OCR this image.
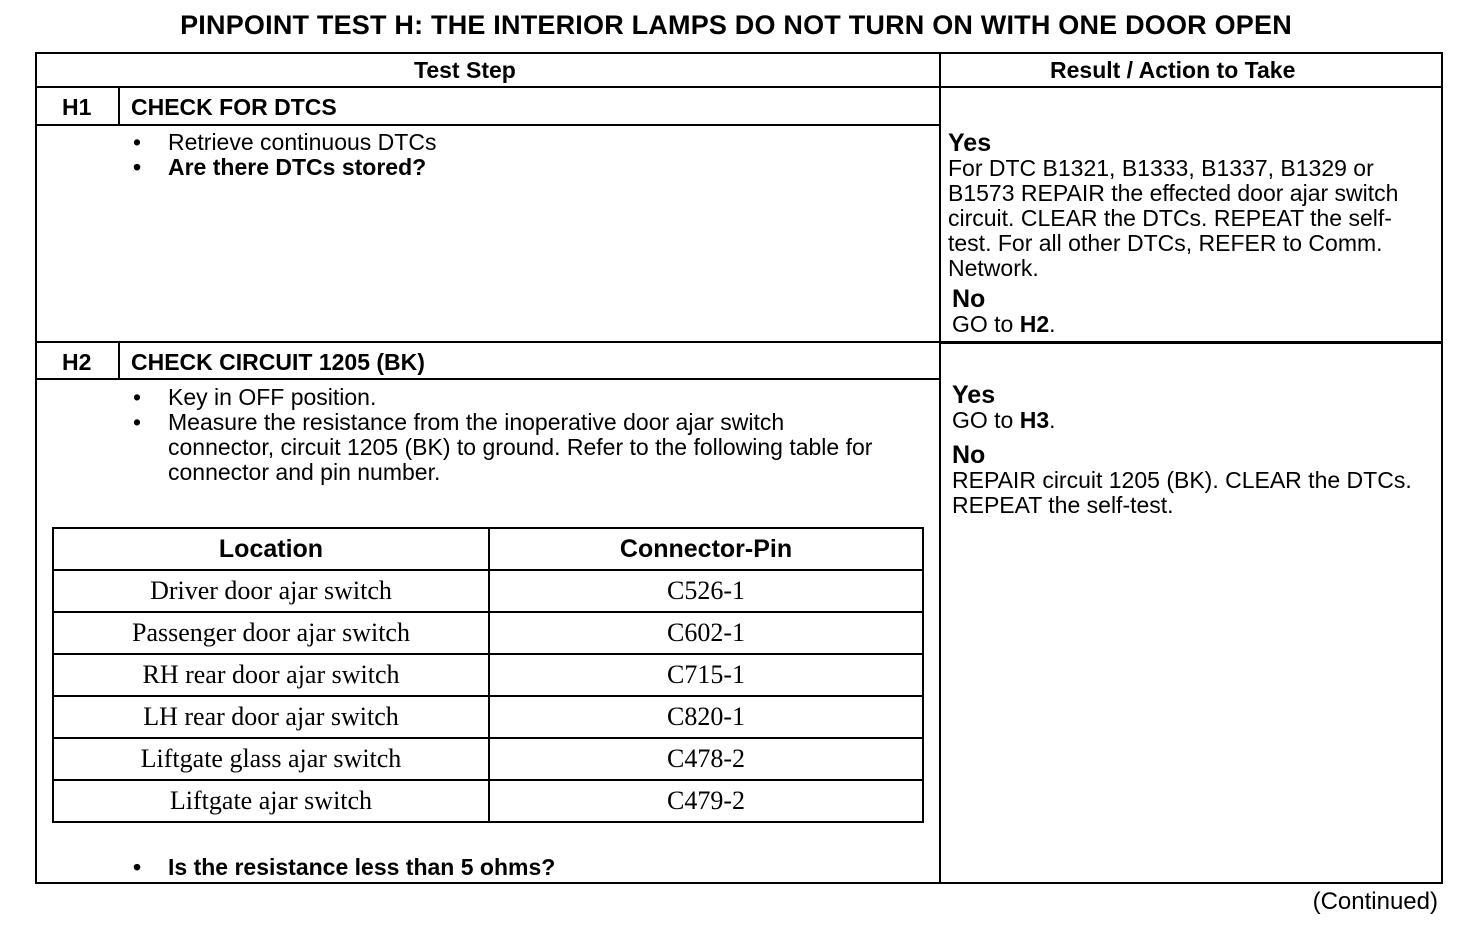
PINPOINT TEST H: THE INTERIOR LAMPS DO NOT TURN ON WITH ONE DOOR OPEN
Test Step	Result / Action to Take
H1 CHECK FOR DTCS
• Retrieve continuous DTCs
• Are there DTCs stored?
Yes
For DTC B1321, B1333, B1337, B1329 or B1573 REPAIR the effected door ajar switch circuit. CLEAR the DTCs. REPEAT the self-test. For all other DTCs, REFER to Comm. Network.
No
GO to H2.
H2 CHECK CIRCUIT 1205 (BK)
• Key in OFF position.
• Measure the resistance from the inoperative door ajar switch connector, circuit 1205 (BK) to ground. Refer to the following table for connector and pin number.
Location	Connector-Pin
Driver door ajar switch	C526-1
Passenger door ajar switch	C602-1
RH rear door ajar switch	C715-1
LH rear door ajar switch	C820-1
Liftgate glass ajar switch	C478-2
Liftgate ajar switch	C479-2
• Is the resistance less than 5 ohms?
Yes
GO to H3.
No
REPAIR circuit 1205 (BK). CLEAR the DTCs. REPEAT the self-test.
(Continued)
